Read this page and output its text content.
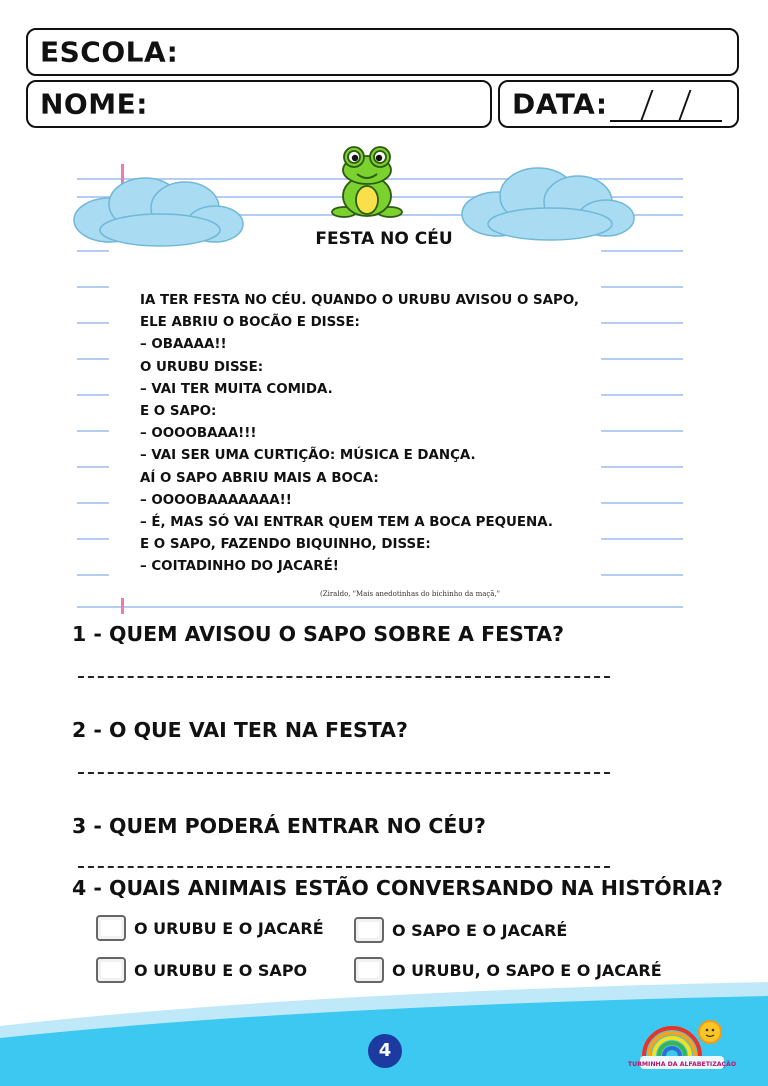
ESCOLA:
NOME:	DATA:
FESTA NO CÉU

IA TER FESTA NO CÉU. QUANDO O URUBU AVISOU O SAPO,

ELE ABRIU O BOCÃO E DISSE:

– OBAAAA!!

O URUBU DISSE:

– VAI TER MUITA COMIDA.

E O SAPO:

– OOOOBAAA!!!

– VAI SER UMA CURTIÇÃO: MÚSICA E DANÇA.

AÍ O SAPO ABRIU MAIS A BOCA:

– OOOOBAAAAAAA!!

– É, MAS SÓ VAI ENTRAR QUEM TEM A BOCA PEQUENA.

E O SAPO, FAZENDO BIQUINHO, DISSE:

– COITADINHO DO JACARÉ!

(Ziraldo, "Mais anedotinhas do bichinho da maçã,"
1 - QUEM AVISOU O SAPO SOBRE A FESTA?
2 - O QUE VAI TER NA FESTA?
3 - QUEM PODERÁ ENTRAR NO CÉU?
4 - QUAIS ANIMAIS ESTÃO CONVERSANDO NA HISTÓRIA?
O URUBU E O JACARÉ	O SAPO E O JACARÉ
O URUBU E O SAPO	O URUBU, O SAPO E O JACARÉ
4
TURMINHA DA ALFABETIZAÇÃO
